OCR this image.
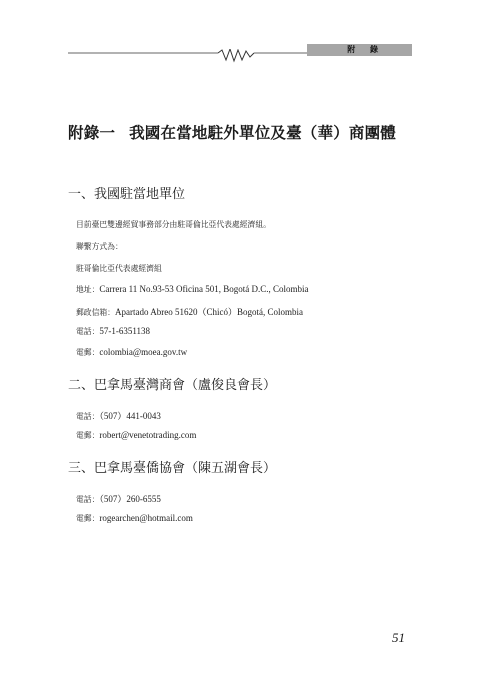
附 錄
附錄一 我國在當地駐外單位及臺（華）商團體
一、我國駐當地單位
目前臺巴雙邊經貿事務部分由駐哥倫比亞代表處經濟組。
聯繫方式為：
駐哥倫比亞代表處經濟組
地址：Carrera 11 No.93-53 Oficina 501, Bogotá D.C., Colombia
郵政信箱：Apartado Abreo 51620（Chicó）Bogotá, Colombia
電話：57-1-6351138
電郵：colombia@moea.gov.tw
二、巴拿馬臺灣商會（盧俊良會長）
電話：（507）441-0043
電郵：robert@venetotrading.com
三、巴拿馬臺僑協會（陳五湖會長）
電話：（507）260-6555
電郵：rogearchen@hotmail.com
51
